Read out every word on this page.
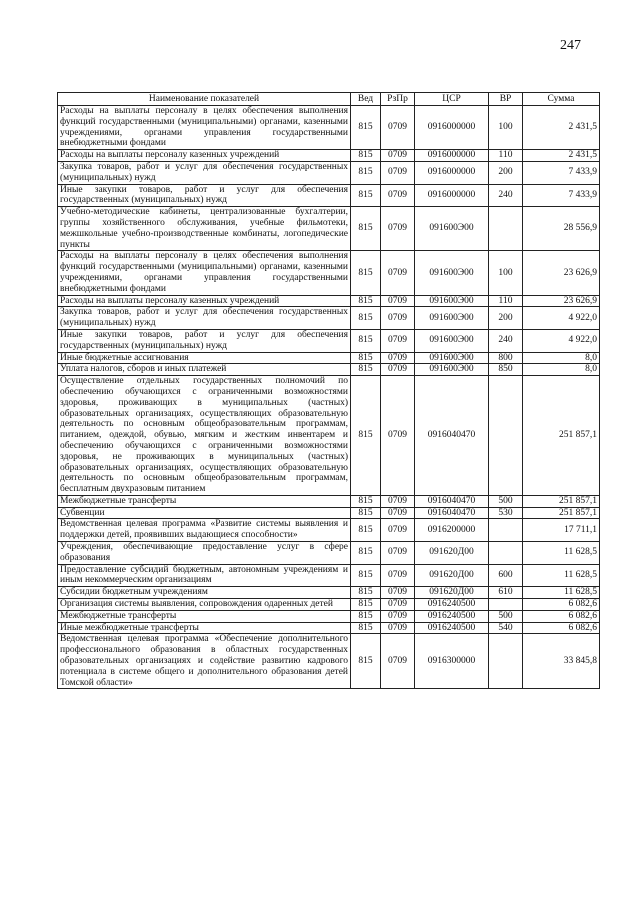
247
Наименование показателей	Вед	РзПр	ЦСР	ВР	Сумма
Расходы на выплаты персоналу в целях обеспечения выполнения функций государственными (муниципальными) органами, казенными учреждениями, органами управления государственными внебюджетными фондами	815	0709	0916000000	100	2 431,5
Расходы на выплаты персоналу казенных учреждений	815	0709	0916000000	110	2 431,5
Закупка товаров, работ и услуг для обеспечения государственных (муниципальных) нужд	815	0709	0916000000	200	7 433,9
Иные закупки товаров, работ и услуг для обеспечения государственных (муниципальных) нужд	815	0709	0916000000	240	7 433,9
Учебно-методические кабинеты, централизованные бухгалтерии, группы хозяйственного обслуживания, учебные фильмотеки, межшкольные учебно-производственные комбинаты, логопедические пункты	815	0709	091600Э00		28 556,9
Расходы на выплаты персоналу в целях обеспечения выполнения функций государственными (муниципальными) органами, казенными учреждениями, органами управления государственными внебюджетными фондами	815	0709	091600Э00	100	23 626,9
Расходы на выплаты персоналу казенных учреждений	815	0709	091600Э00	110	23 626,9
Закупка товаров, работ и услуг для обеспечения государственных (муниципальных) нужд	815	0709	091600Э00	200	4 922,0
Иные закупки товаров, работ и услуг для обеспечения государственных (муниципальных) нужд	815	0709	091600Э00	240	4 922,0
Иные бюджетные ассигнования	815	0709	091600Э00	800	8,0
Уплата налогов, сборов и иных платежей	815	0709	091600Э00	850	8,0
Осуществление отдельных государственных полномочий по обеспечению обучающихся с ограниченными возможностями здоровья, проживающих в муниципальных (частных) образовательных организациях, осуществляющих образовательную деятельность по основным общеобразовательным программам, питанием, одеждой, обувью, мягким и жестким инвентарем и обеспечению обучающихся с ограниченными возможностями здоровья, не проживающих в муниципальных (частных) образовательных организациях, осуществляющих образовательную деятельность по основным общеобразовательным программам, бесплатным двухразовым питанием	815	0709	0916040470		251 857,1
Межбюджетные трансферты	815	0709	0916040470	500	251 857,1
Субвенции	815	0709	0916040470	530	251 857,1
Ведомственная целевая программа «Развитие системы выявления и поддержки детей, проявивших выдающиеся способности»	815	0709	0916200000		17 711,1
Учреждения, обеспечивающие предоставление услуг в сфере образования	815	0709	091620Д00		11 628,5
Предоставление субсидий бюджетным, автономным учреждениям и иным некоммерческим организациям	815	0709	091620Д00	600	11 628,5
Субсидии бюджетным учреждениям	815	0709	091620Д00	610	11 628,5
Организация системы выявления, сопровождения одаренных детей	815	0709	0916240500		6 082,6
Межбюджетные трансферты	815	0709	0916240500	500	6 082,6
Иные межбюджетные трансферты	815	0709	0916240500	540	6 082,6
Ведомственная целевая программа «Обеспечение дополнительного профессионального образования в областных государственных образовательных организациях и содействие развитию кадрового потенциала в системе общего и дополнительного образования детей Томской области»	815	0709	0916300000		33 845,8
